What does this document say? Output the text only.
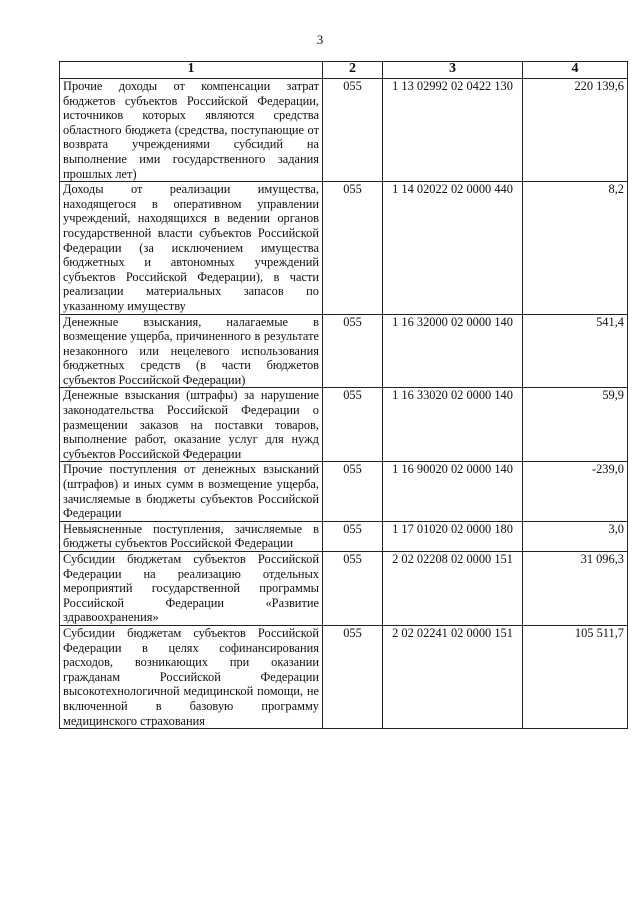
3
1	2	3	4
Прочие доходы от компенсации затрат бюджетов субъектов Российской Федерации, источников которых являются средства областного бюджета (средства, поступающие от возврата учреждениями субсидий на выполнение ими государственного задания прошлых лет)	055	1 13 02992 02 0422 130	220 139,6
Доходы от реализации имущества, находящегося в оперативном управлении учреждений, находящихся в ведении органов государственной власти субъектов Российской Федерации (за исключением имущества бюджетных и автономных учреждений субъектов Российской Федерации), в части реализации материальных запасов по указанному имуществу	055	1 14 02022 02 0000 440	8,2
Денежные взыскания, налагаемые в возмещение ущерба, причиненного в результате незаконного или нецелевого использования бюджетных средств (в части бюджетов субъектов Российской Федерации)	055	1 16 32000 02 0000 140	541,4
Денежные взыскания (штрафы) за нарушение законодательства Российской Федерации о размещении заказов на поставки товаров, выполнение работ, оказание услуг для нужд субъектов Российской Федерации	055	1 16 33020 02 0000 140	59,9
Прочие поступления от денежных взысканий (штрафов) и иных сумм в возмещение ущерба, зачисляемые в бюджеты субъектов Российской Федерации	055	1 16 90020 02 0000 140	-239,0
Невыясненные поступления, зачисляемые в бюджеты субъектов Российской Федерации	055	1 17 01020 02 0000 180	3,0
Субсидии бюджетам субъектов Российской Федерации на реализацию отдельных мероприятий государственной программы Российской Федерации «Развитие здравоохранения»	055	2 02 02208 02 0000 151	31 096,3
Субсидии бюджетам субъектов Российской Федерации в целях софинансирования расходов, возникающих при оказании гражданам Российской Федерации высокотехнологичной медицинской помощи, не включенной в базовую программу медицинского страхования	055	2 02 02241 02 0000 151	105 511,7
